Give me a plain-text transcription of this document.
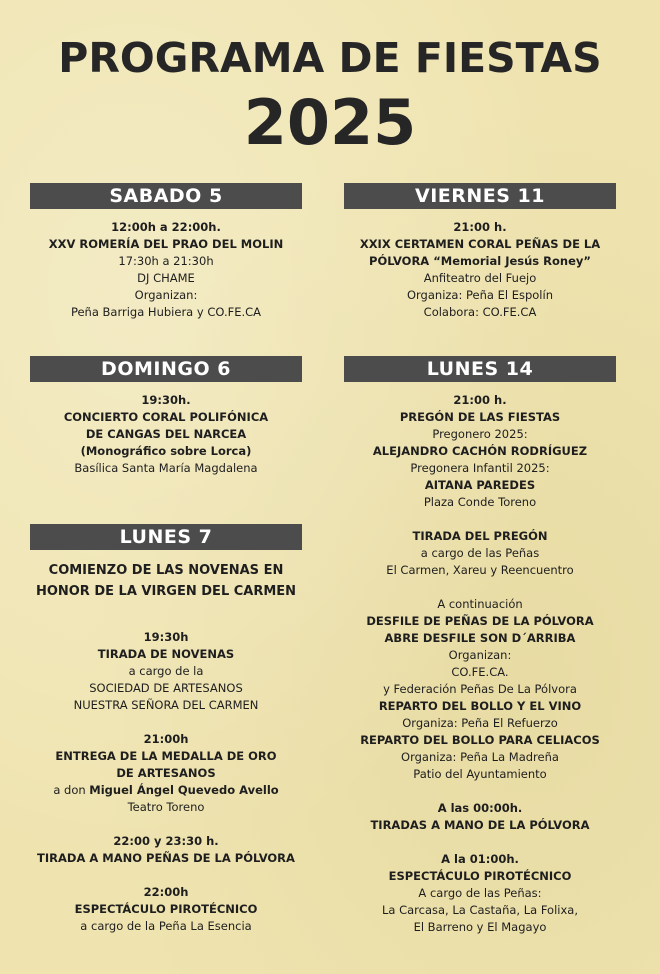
PROGRAMA DE FIESTAS
2025
SABADO 5
12:00h a 22:00h.
XXV ROMERÍA DEL PRAO DEL MOLIN
17:30h a 21:30h
DJ CHAME
Organizan:
Peña Barriga Hubiera y CO.FE.CA
VIERNES 11
21:00 h.
XXIX CERTAMEN CORAL PEÑAS DE LA
PÓLVORA “Memorial Jesús Roney”
Anfiteatro del Fuejo
Organiza: Peña El Espolín
Colabora: CO.FE.CA
DOMINGO 6
19:30h.
CONCIERTO CORAL POLIFÓNICA
DE CANGAS DEL NARCEA
(Monográfico sobre Lorca)
Basílica Santa María Magdalena
LUNES 14
21:00 h.
PREGÓN DE LAS FIESTAS
Pregonero 2025:
ALEJANDRO CACHÓN RODRÍGUEZ
Pregonera Infantil 2025:
AITANA PAREDES
Plaza Conde Toreno
TIRADA DEL PREGÓN
a cargo de las Peñas
El Carmen, Xareu y Reencuentro
A continuación
DESFILE DE PEÑAS DE LA PÓLVORA
ABRE DESFILE SON D´ARRIBA
Organizan:
CO.FE.CA.
y Federación Peñas De La Pólvora
REPARTO DEL BOLLO Y EL VINO
Organiza: Peña El Refuerzo
REPARTO DEL BOLLO PARA CELIACOS
Organiza: Peña La Madreña
Patio del Ayuntamiento
A las 00:00h.
TIRADAS A MANO DE LA PÓLVORA
A la 01:00h.
ESPECTÁCULO PIROTÉCNICO
A cargo de las Peñas:
La Carcasa, La Castaña, La Folixa,
El Barreno y El Magayo
LUNES 7
COMIENZO DE LAS NOVENAS EN
HONOR DE LA VIRGEN DEL CARMEN
19:30h
TIRADA DE NOVENAS
a cargo de la
SOCIEDAD DE ARTESANOS
NUESTRA SEÑORA DEL CARMEN
21:00h
ENTREGA DE LA MEDALLA DE ORO
DE ARTESANOS
a don Miguel Ángel Quevedo Avello
Teatro Toreno
22:00 y 23:30 h.
TIRADA A MANO PEÑAS DE LA PÓLVORA
22:00h
ESPECTÁCULO PIROTÉCNICO
a cargo de la Peña La Esencia
